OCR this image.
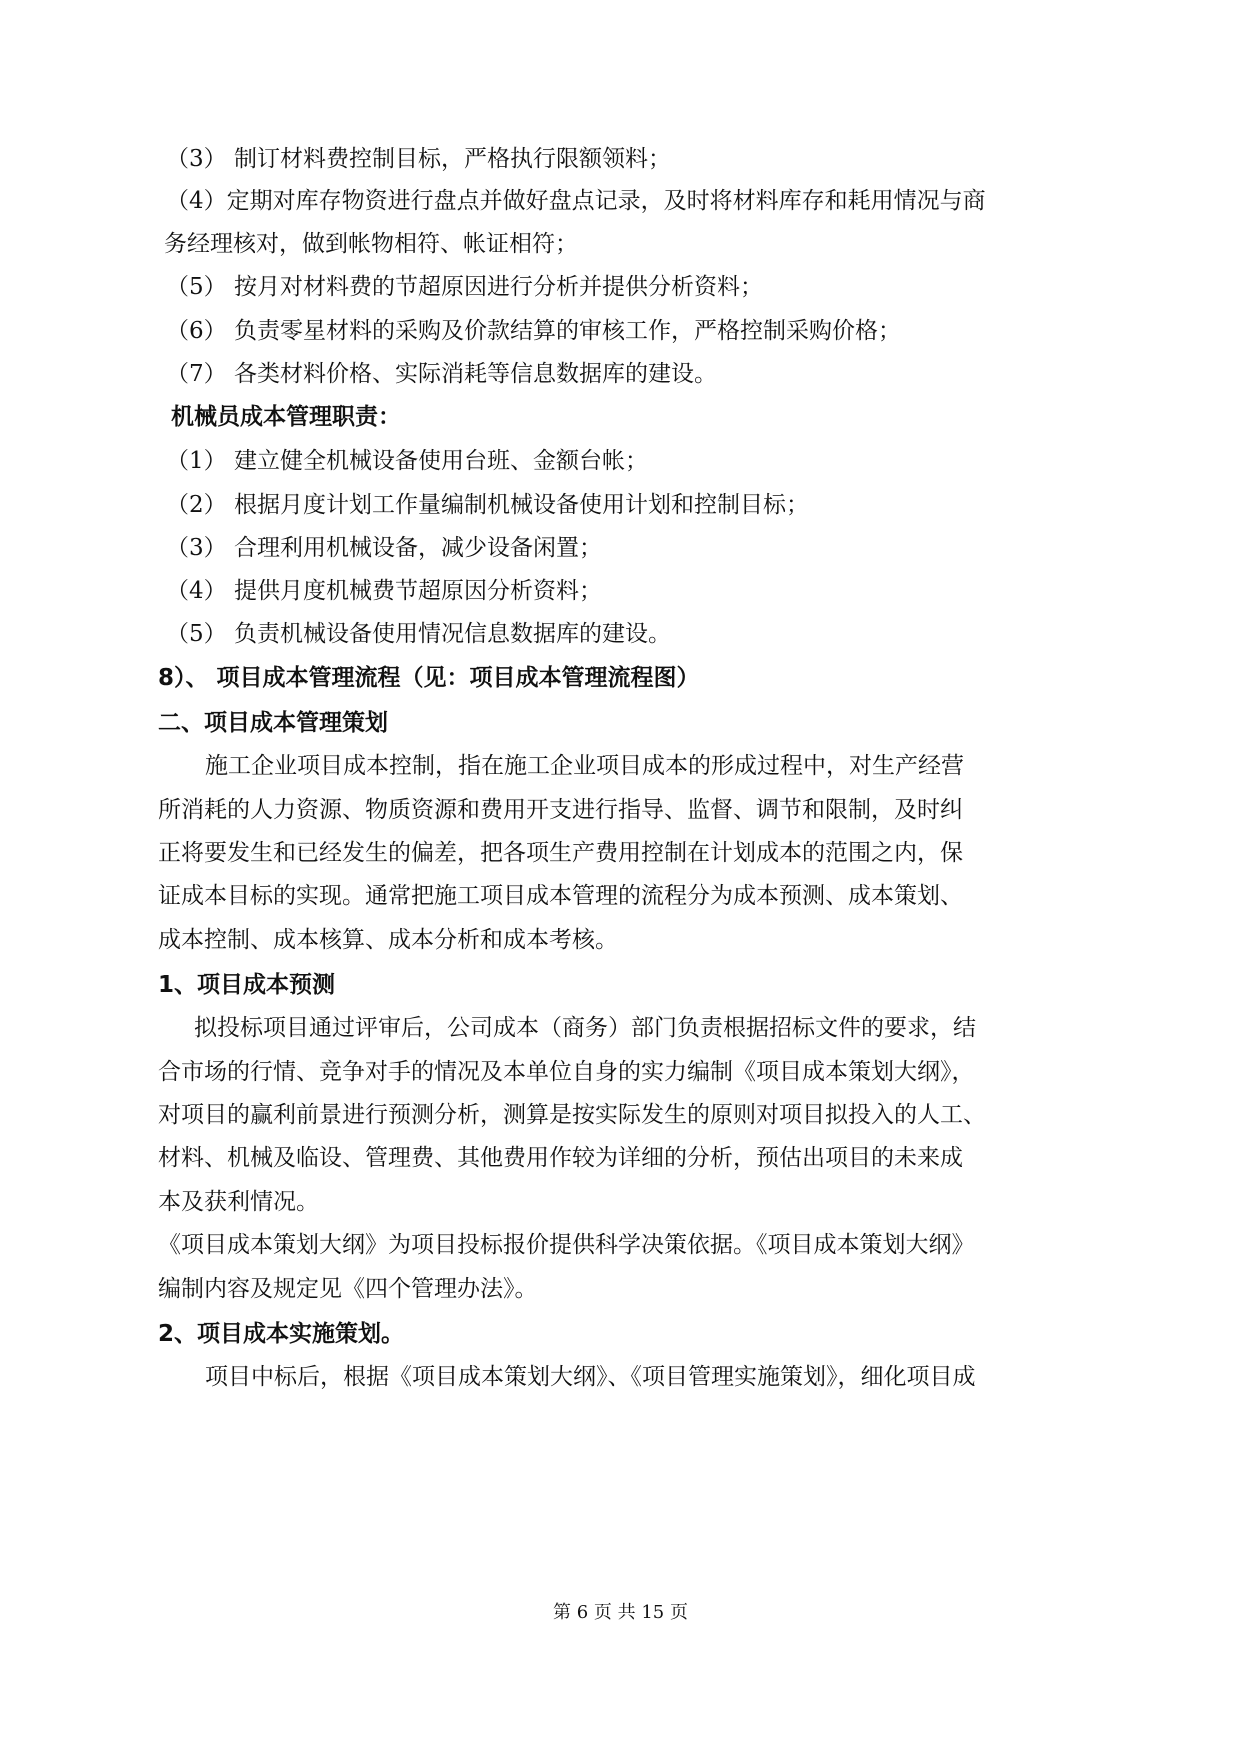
（3） 制订材料费控制目标，严格执行限额领料；
（4）定期对库存物资进行盘点并做好盘点记录，及时将材料库存和耗用情况与商
务经理核对，做到帐物相符、帐证相符；
（5） 按月对材料费的节超原因进行分析并提供分析资料；
（6） 负责零星材料的采购及价款结算的审核工作，严格控制采购价格；
（7） 各类材料价格、实际消耗等信息数据库的建设。
机械员成本管理职责：
（1） 建立健全机械设备使用台班、金额台帐；
（2） 根据月度计划工作量编制机械设备使用计划和控制目标；
（3） 合理利用机械设备，减少设备闲置；
（4） 提供月度机械费节超原因分析资料；
（5） 负责机械设备使用情况信息数据库的建设。
8）、 项目成本管理流程（见：项目成本管理流程图）
二、项目成本管理策划
施工企业项目成本控制，指在施工企业项目成本的形成过程中，对生产经营
所消耗的人力资源、物质资源和费用开支进行指导、监督、调节和限制，及时纠
正将要发生和已经发生的偏差，把各项生产费用控制在计划成本的范围之内，保
证成本目标的实现。通常把施工项目成本管理的流程分为成本预测、成本策划、
成本控制、成本核算、成本分析和成本考核。
1、项目成本预测
拟投标项目通过评审后，公司成本（商务）部门负责根据招标文件的要求，结
合市场的行情、竞争对手的情况及本单位自身的实力编制《项目成本策划大纲》，
对项目的赢利前景进行预测分析，测算是按实际发生的原则对项目拟投入的人工、
材料、机械及临设、管理费、其他费用作较为详细的分析，预估出项目的未来成
本及获利情况。
《项目成本策划大纲》为项目投标报价提供科学决策依据。《项目成本策划大纲》
编制内容及规定见《四个管理办法》。
2、项目成本实施策划。
项目中标后，根据《项目成本策划大纲》、《项目管理实施策划》，细化项目成
第 6 页 共 15 页
